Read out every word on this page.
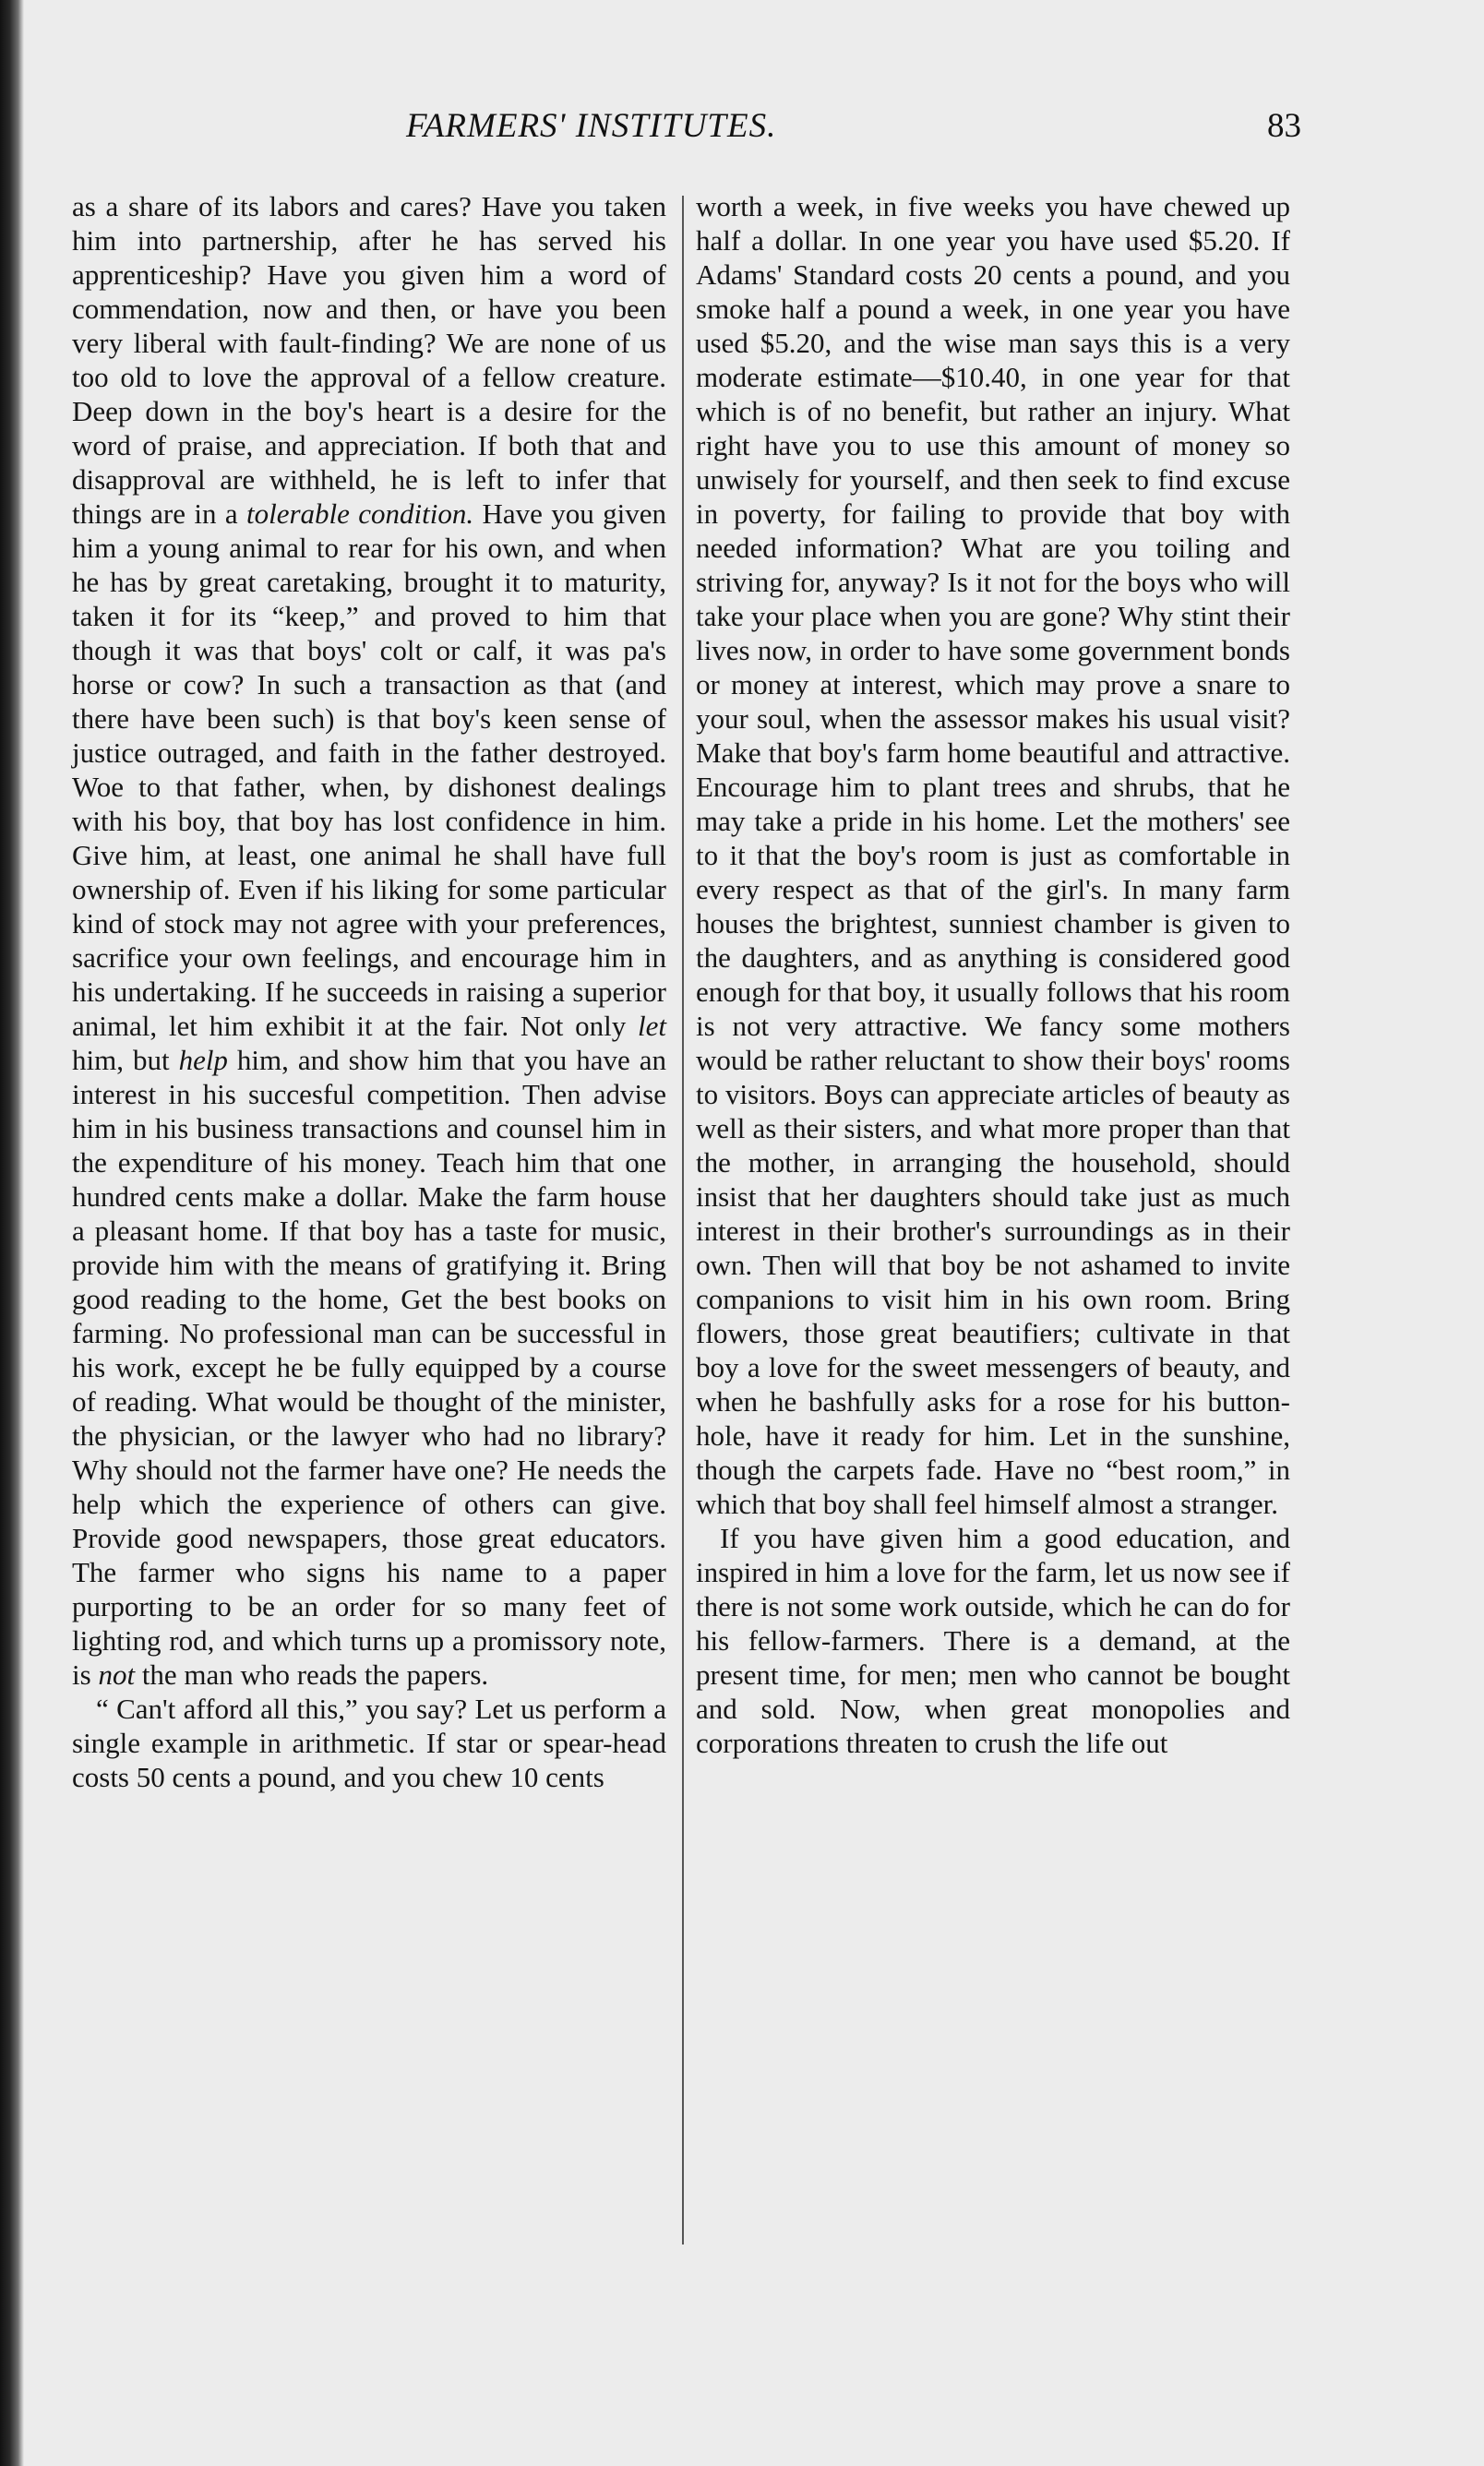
FARMERS' INSTITUTES.	83

as a share of its labors and cares? Have you taken him into partnership, after he has served his apprenticeship? Have you given him a word of commendation, now and then, or have you been very liberal with fault-finding? We are none of us too old to love the approval of a fellow creature. Deep down in the boy's heart is a desire for the word of praise, and appreciation. If both that and disapproval are withheld, he is left to infer that things are in a tolerable condition. Have you given him a young animal to rear for his own, and when he has by great caretaking, brought it to maturity, taken it for its “keep,” and proved to him that though it was that boys' colt or calf, it was pa's horse or cow? In such a transaction as that (and there have been such) is that boy's keen sense of justice outraged, and faith in the father destroyed. Woe to that father, when, by dishonest dealings with his boy, that boy has lost confidence in him. Give him, at least, one animal he shall have full ownership of. Even if his liking for some particular kind of stock may not agree with your preferences, sacrifice your own feelings, and encourage him in his undertaking. If he succeeds in raising a superior animal, let him exhibit it at the fair. Not only let him, but help him, and show him that you have an interest in his succesful competition. Then advise him in his business transactions and counsel him in the expenditure of his money. Teach him that one hundred cents make a dollar. Make the farm house a pleasant home. If that boy has a taste for music, provide him with the means of gratifying it. Bring good reading to the home, Get the best books on farming. No professional man can be successful in his work, except he be fully equipped by a course of reading. What would be thought of the minister, the physician, or the lawyer who had no library? Why should not the farmer have one? He needs the help which the experience of others can give. Provide good newspapers, those great educators. The farmer who signs his name to a paper purporting to be an order for so many feet of lighting rod, and which turns up a promissory note, is not the man who reads the papers.

“ Can't afford all this,” you say? Let us perform a single example in arithmetic. If star or spear-head costs 50 cents a pound, and you chew 10 cents

worth a week, in five weeks you have chewed up half a dollar. In one year you have used $5.20. If Adams' Standard costs 20 cents a pound, and you smoke half a pound a week, in one year you have used $5.20, and the wise man says this is a very moderate estimate—$10.40, in one year for that which is of no benefit, but rather an injury. What right have you to use this amount of money so unwisely for yourself, and then seek to find excuse in poverty, for failing to provide that boy with needed information? What are you toiling and striving for, anyway? Is it not for the boys who will take your place when you are gone? Why stint their lives now, in order to have some government bonds or money at interest, which may prove a snare to your soul, when the assessor makes his usual visit? Make that boy's farm home beautiful and attractive. Encourage him to plant trees and shrubs, that he may take a pride in his home. Let the mothers' see to it that the boy's room is just as comfortable in every respect as that of the girl's. In many farm houses the brightest, sunniest chamber is given to the daughters, and as anything is considered good enough for that boy, it usually follows that his room is not very attractive. We fancy some mothers would be rather reluctant to show their boys' rooms to visitors. Boys can appreciate articles of beauty as well as their sisters, and what more proper than that the mother, in arranging the household, should insist that her daughters should take just as much interest in their brother's surroundings as in their own. Then will that boy be not ashamed to invite companions to visit him in his own room. Bring flowers, those great beautifiers; cultivate in that boy a love for the sweet messengers of beauty, and when he bashfully asks for a rose for his button-hole, have it ready for him. Let in the sunshine, though the carpets fade. Have no “best room,” in which that boy shall feel himself almost a stranger.

If you have given him a good education, and inspired in him a love for the farm, let us now see if there is not some work outside, which he can do for his fellow-farmers. There is a demand, at the present time, for men; men who cannot be bought and sold. Now, when great monopolies and corporations threaten to crush the life out
